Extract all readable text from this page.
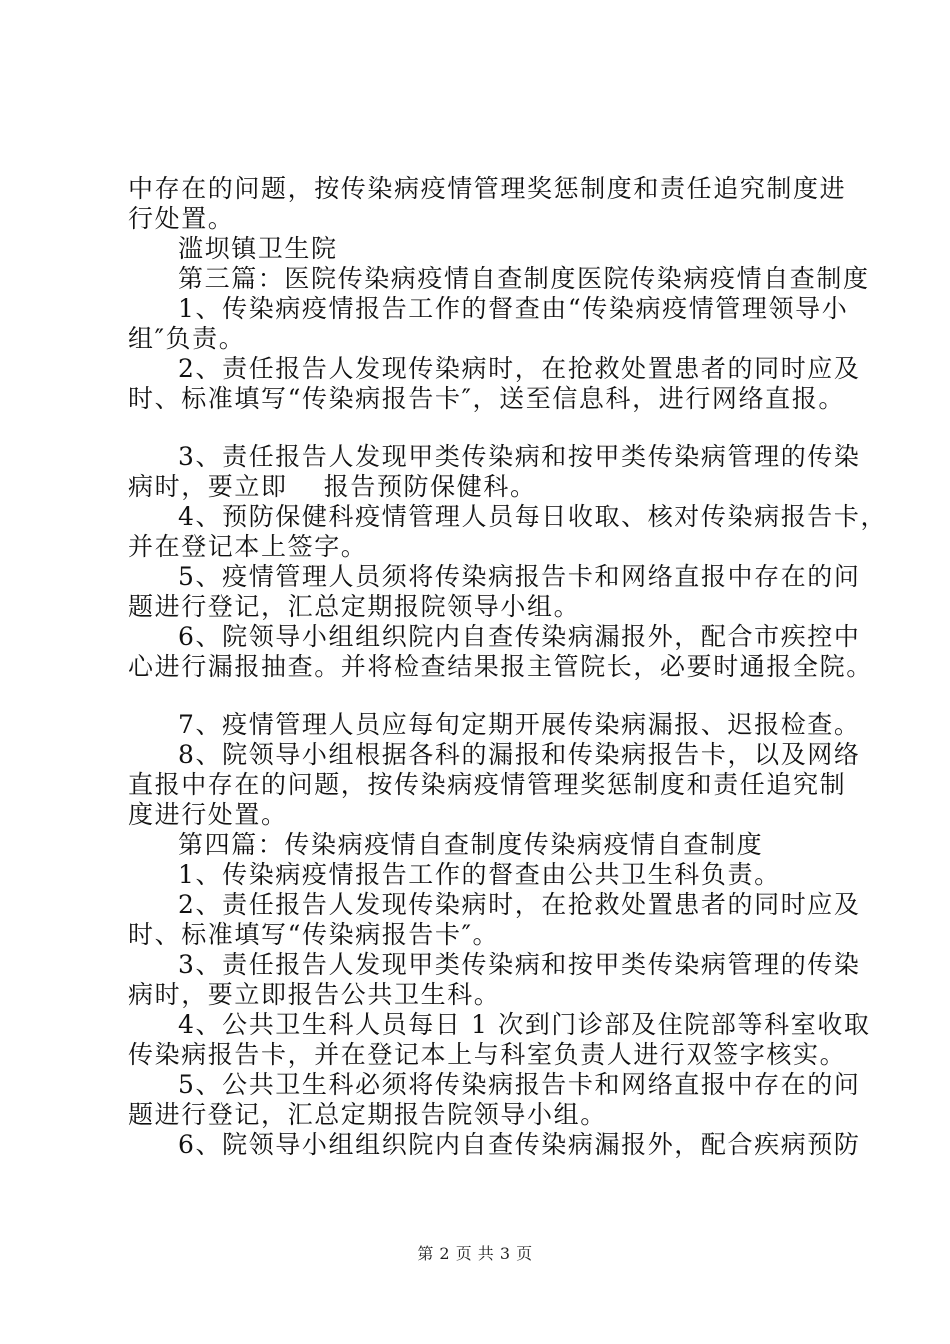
中存在的问题，按传染病疫情管理奖惩制度和责任追究制度进
行处置。
滥坝镇卫生院
第三篇：医院传染病疫情自查制度医院传染病疫情自查制度
1、传染病疫情报告工作的督查由“传染病疫情管理领导小
组″负责。
2、责任报告人发现传染病时，在抢救处置患者的同时应及
时、标准填写“传染病报告卡″，送至信息科，进行网络直报。
3、责任报告人发现甲类传染病和按甲类传染病管理的传染
病时，要立即　 报告预防保健科。
4、预防保健科疫情管理人员每日收取、核对传染病报告卡，
并在登记本上签字。
5、疫情管理人员须将传染病报告卡和网络直报中存在的问
题进行登记，汇总定期报院领导小组。
6、院领导小组组织院内自查传染病漏报外，配合市疾控中
心进行漏报抽查。并将检查结果报主管院长，必要时通报全院。
7、疫情管理人员应每旬定期开展传染病漏报、迟报检查。
8、院领导小组根据各科的漏报和传染病报告卡，以及网络
直报中存在的问题，按传染病疫情管理奖惩制度和责任追究制
度进行处置。
第四篇：传染病疫情自查制度传染病疫情自查制度
1、传染病疫情报告工作的督查由公共卫生科负责。
2、责任报告人发现传染病时，在抢救处置患者的同时应及
时、标准填写“传染病报告卡″。
3、责任报告人发现甲类传染病和按甲类传染病管理的传染
病时，要立即报告公共卫生科。
4、公共卫生科人员每日 1 次到门诊部及住院部等科室收取
传染病报告卡，并在登记本上与科室负责人进行双签字核实。
5、公共卫生科必须将传染病报告卡和网络直报中存在的问
题进行登记，汇总定期报告院领导小组。
6、院领导小组组织院内自查传染病漏报外，配合疾病预防
第 2 页 共 3 页
